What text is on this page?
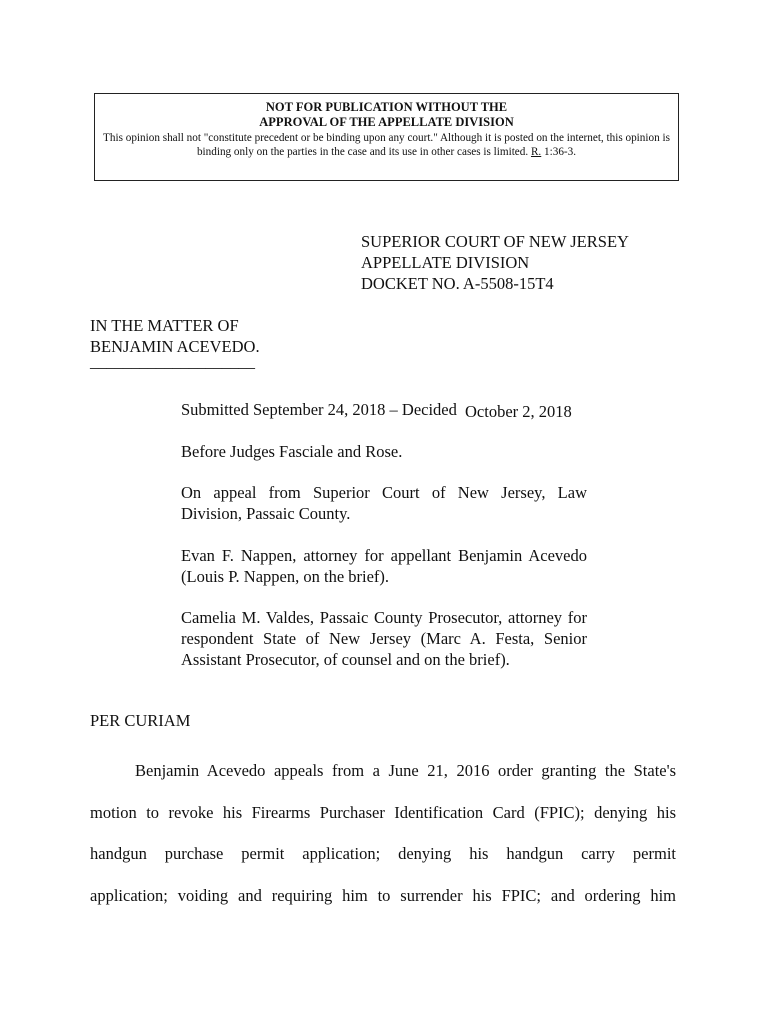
NOT FOR PUBLICATION WITHOUT THE
APPROVAL OF THE APPELLATE DIVISION
This opinion shall not "constitute precedent or be binding upon any court." Although it is posted on the internet, this opinion is binding only on the parties in the case and its use in other cases is limited. R. 1:36-3.
SUPERIOR COURT OF NEW JERSEY
APPELLATE DIVISION
DOCKET NO. A-5508-15T4
IN THE MATTER OF
BENJAMIN ACEVEDO.
____________________
Submitted September 24, 2018 – Decided October 2, 2018
Before Judges Fasciale and Rose.
On appeal from Superior Court of New Jersey, Law Division, Passaic County.
Evan F. Nappen, attorney for appellant Benjamin Acevedo (Louis P. Nappen, on the brief).
Camelia M. Valdes, Passaic County Prosecutor, attorney for respondent State of New Jersey (Marc A. Festa, Senior Assistant Prosecutor, of counsel and on the brief).
PER CURIAM
Benjamin Acevedo appeals from a June 21, 2016 order granting the State's
motion to revoke his Firearms Purchaser Identification Card (FPIC); denying his
handgun purchase permit application; denying his handgun carry permit
application; voiding and requiring him to surrender his FPIC; and ordering him
